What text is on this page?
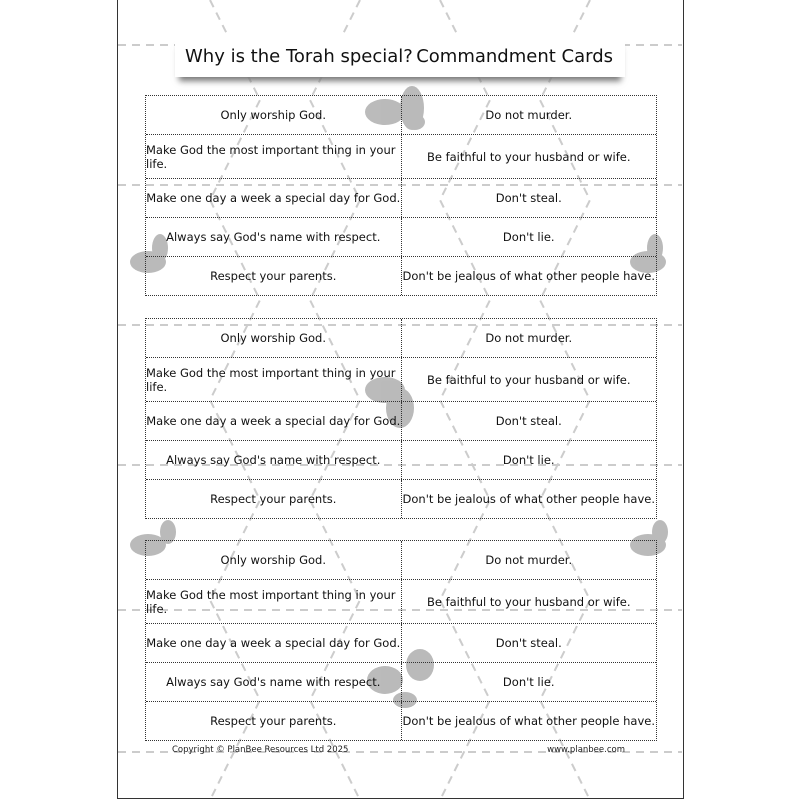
Why is the Torah special? Commandment Cards
Only worship God.	Do not murder.
Make God the most important thing in your life.	Be faithful to your husband or wife.
Make one day a week a special day for God.	Don't steal.
Always say God's name with respect.	Don't lie.
Respect your parents.	Don't be jealous of what other people have.
Only worship God.	Do not murder.
Make God the most important thing in your life.	Be faithful to your husband or wife.
Make one day a week a special day for God.	Don't steal.
Always say God's name with respect.	Don't lie.
Respect your parents.	Don't be jealous of what other people have.
Only worship God.	Do not murder.
Make God the most important thing in your life.	Be faithful to your husband or wife.
Make one day a week a special day for God.	Don't steal.
Always say God's name with respect.	Don't lie.
Respect your parents.	Don't be jealous of what other people have.
Copyright © PlanBee Resources Ltd 2025	www.planbee.com
